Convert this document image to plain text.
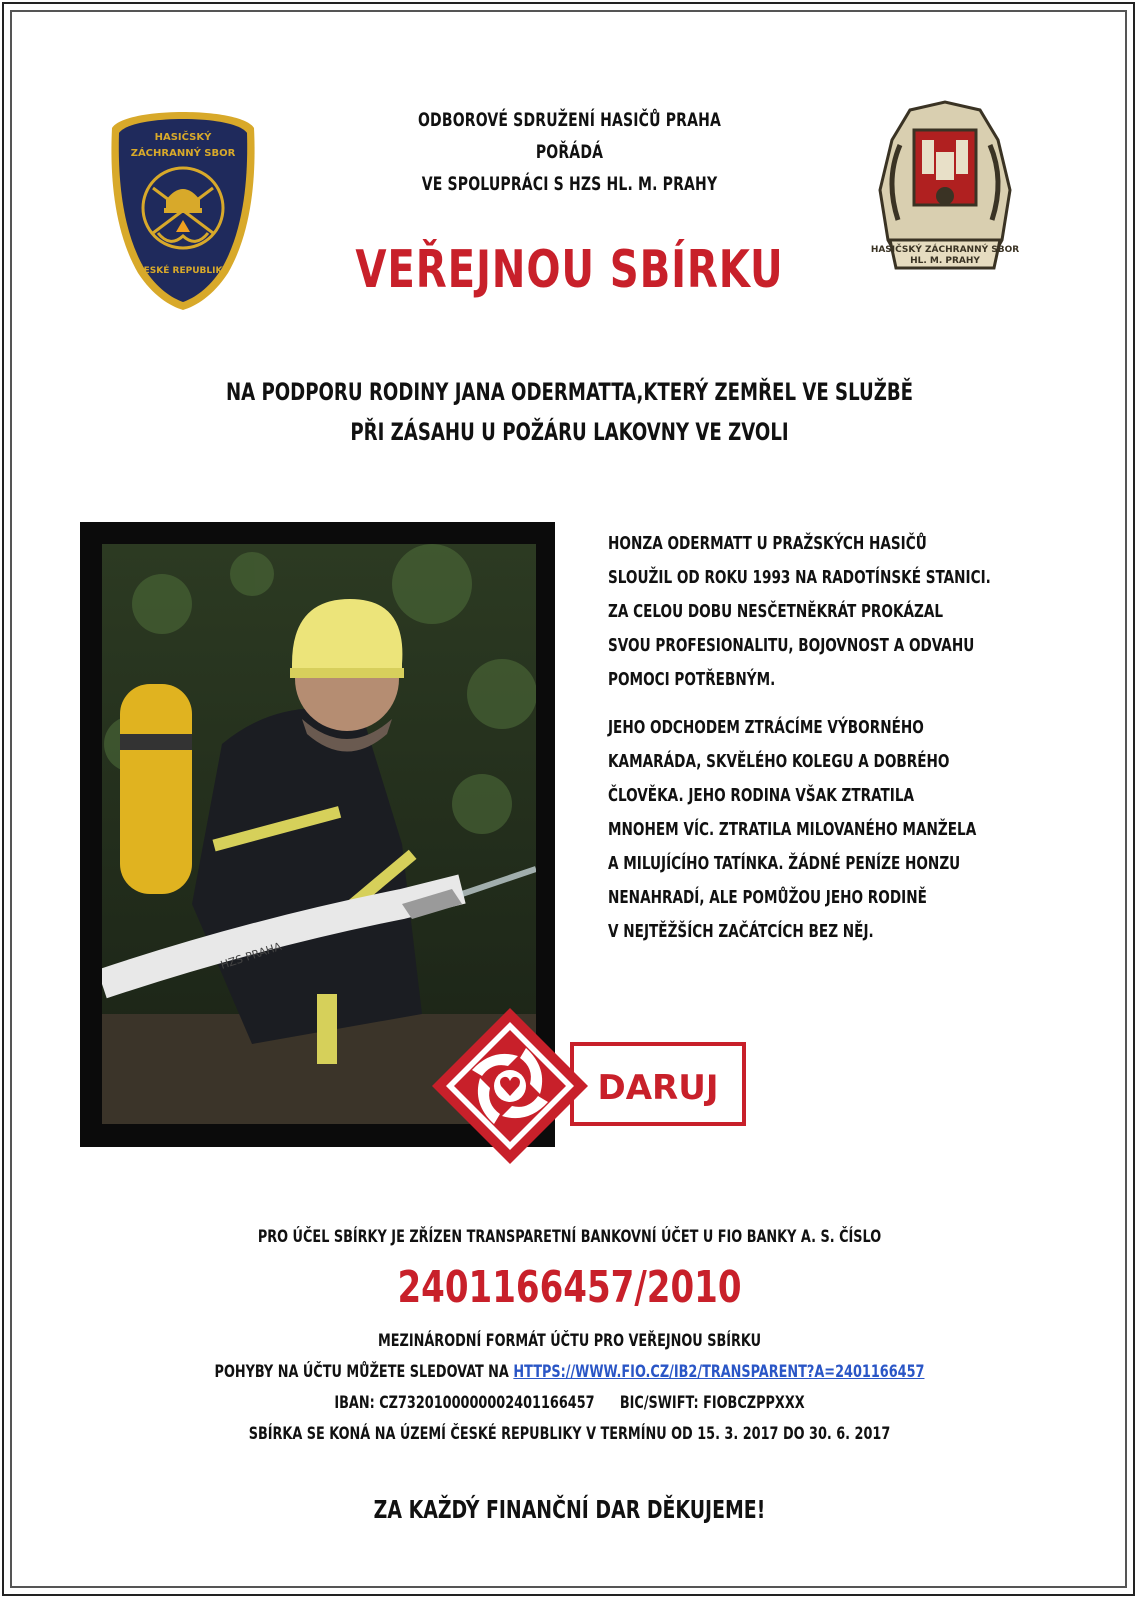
HASIČSKÝ
ZÁCHRANNÝ SBOR
ČESKÉ REPUBLIKY
HASIČSKÝ ZÁCHRANNÝ SBOR
HL. M. PRAHY
ODBOROVÉ SDRUŽENÍ HASIČŮ PRAHA
POŘÁDÁ
VE SPOLUPRÁCI S HZS HL. M. PRAHY
VEŘEJNOU SBÍRKU
NA PODPORU RODINY JANA ODERMATTA,KTERÝ ZEMŘEL VE SLUŽBĚ
PŘI ZÁSAHU U POŽÁRU LAKOVNY VE ZVOLI
HZS PRAHA

HONZA ODERMATT U PRAŽSKÝCH HASIČŮ
SLOUŽIL OD ROKU 1993 NA RADOTÍNSKÉ STANICI.
ZA CELOU DOBU NESČETNĚKRÁT PROKÁZAL
SVOU PROFESIONALITU, BOJOVNOST A ODVAHU
POMOCI POTŘEBNÝM.

JEHO ODCHODEM ZTRÁCÍME VÝBORNÉHO
KAMARÁDA, SKVĚLÉHO KOLEGU A DOBRÉHO
ČLOVĚKA. JEHO RODINA VŠAK ZTRATILA
MNOHEM VÍC. ZTRATILA MILOVANÉHO MANŽELA
A MILUJÍCÍHO TATÍNKA. ŽÁDNÉ PENÍZE HONZU
NENAHRADÍ, ALE POMŮŽOU JEHO RODINĚ
V NEJTĚŽŠÍCH ZAČÁTCÍCH BEZ NĚJ.

DARUJ
PRO ÚČEL SBÍRKY JE ZŘÍZEN TRANSPARETNÍ BANKOVNÍ ÚČET U FIO BANKY A. S. ČÍSLO
2401166457/2010
MEZINÁRODNÍ FORMÁT ÚČTU PRO VEŘEJNOU SBÍRKU
POHYBY NA ÚČTU MŮŽETE SLEDOVAT NA HTTPS://WWW.FIO.CZ/IB2/TRANSPARENT?A=2401166457
IBAN: CZ7320100000002401166457 BIC/SWIFT: FIOBCZPPXXX
SBÍRKA SE KONÁ NA ÚZEMÍ ČESKÉ REPUBLIKY V TERMÍNU OD 15. 3. 2017 DO 30. 6. 2017
ZA KAŽDÝ FINANČNÍ DAR DĚKUJEME!
